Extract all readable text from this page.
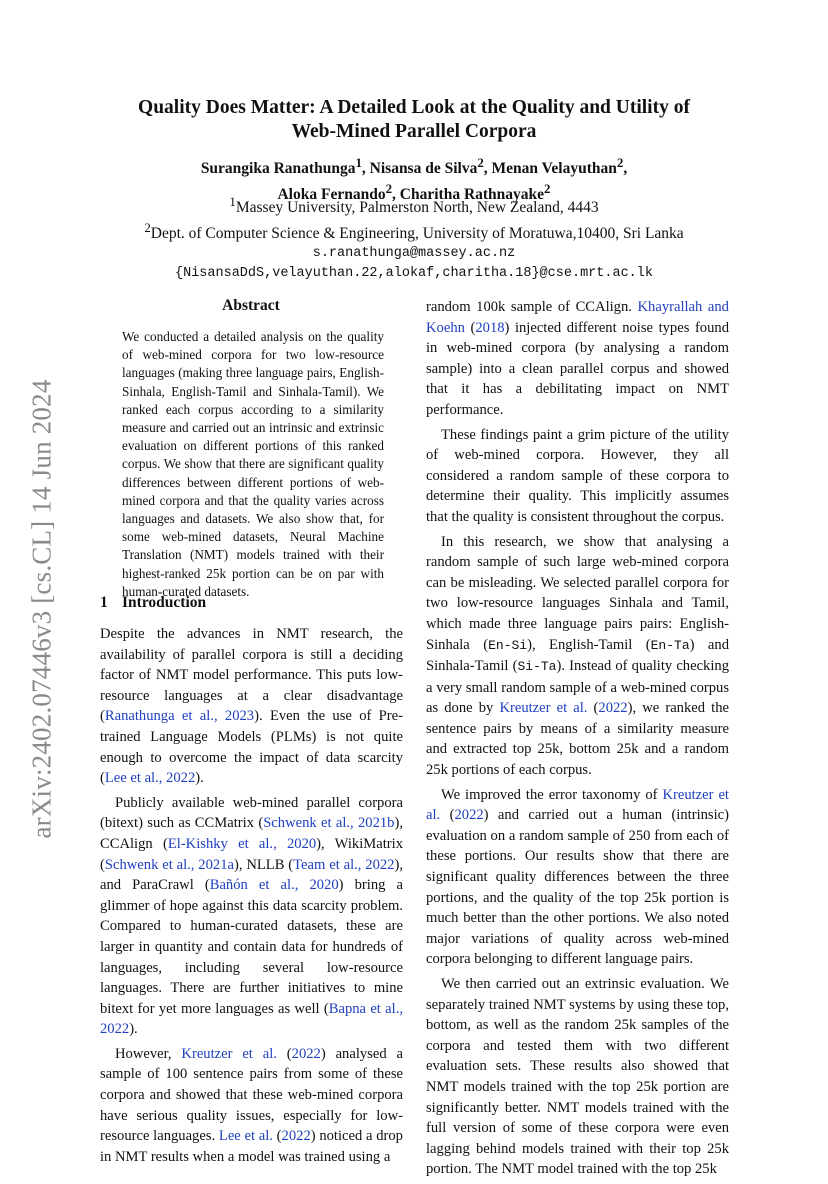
arXiv:2402.07446v3 [cs.CL] 14 Jun 2024
Quality Does Matter: A Detailed Look at the Quality and Utility of
Web-Mined Parallel Corpora
Surangika Ranathunga$^1$, Nisansa de Silva$^2$, Menan Velayuthan$^2$,
Aloka Fernando$^2$, Charitha Rathnayake$^2$
$^1$Massey University, Palmerston North, New Zealand, 4443
$^2$Dept. of Computer Science & Engineering, University of Moratuwa,10400, Sri Lanka
s.ranathunga@massey.ac.nz
{NisansaDdS,velayuthan.22,alokaf,charitha.18}@cse.mrt.ac.lk
Abstract

We conducted a detailed analysis on the quality of web-mined corpora for two low-resource languages (making three language pairs, English-Sinhala, English-Tamil and Sinhala-Tamil). We ranked each corpus according to a similarity measure and carried out an intrinsic and extrinsic evaluation on different portions of this ranked corpus. We show that there are significant quality differences between different portions of web-mined corpora and that the quality varies across languages and datasets. We also show that, for some web-mined datasets, Neural Machine Translation (NMT) models trained with their highest-ranked 25k portion can be on par with human-curated datasets.

1 Introduction

Despite the advances in NMT research, the availability of parallel corpora is still a deciding factor of NMT model performance. This puts low-resource languages at a clear disadvantage (Ranathunga et al., 2023). Even the use of Pre-trained Language Models (PLMs) is not quite enough to overcome the impact of data scarcity (Lee et al., 2022).

Publicly available web-mined parallel corpora (bitext) such as CCMatrix (Schwenk et al., 2021b), CCAlign (El-Kishky et al., 2020), WikiMatrix (Schwenk et al., 2021a), NLLB (Team et al., 2022), and ParaCrawl (Bañón et al., 2020) bring a glimmer of hope against this data scarcity problem. Compared to human-curated datasets, these are larger in quantity and contain data for hundreds of languages, including several low-resource languages. There are further initiatives to mine bitext for yet more languages as well (Bapna et al., 2022).

However, Kreutzer et al. (2022) analysed a sample of 100 sentence pairs from some of these corpora and showed that these web-mined corpora have serious quality issues, especially for low-resource languages. Lee et al. (2022) noticed a drop in NMT results when a model was trained using a

random 100k sample of CCAlign. Khayrallah and Koehn (2018) injected different noise types found in web-mined corpora (by analysing a random sample) into a clean parallel corpus and showed that it has a debilitating impact on NMT performance.

These findings paint a grim picture of the utility of web-mined corpora. However, they all considered a random sample of these corpora to determine their quality. This implicitly assumes that the quality is consistent throughout the corpus.

In this research, we show that analysing a random sample of such large web-mined corpora can be misleading. We selected parallel corpora for two low-resource languages Sinhala and Tamil, which made three language pairs pairs: English-Sinhala (En-Si), English-Tamil (En-Ta) and Sinhala-Tamil (Si-Ta). Instead of quality checking a very small random sample of a web-mined corpus as done by Kreutzer et al. (2022), we ranked the sentence pairs by means of a similarity measure and extracted top 25k, bottom 25k and a random 25k portions of each corpus.

We improved the error taxonomy of Kreutzer et al. (2022) and carried out a human (intrinsic) evaluation on a random sample of 250 from each of these portions. Our results show that there are significant quality differences between the three portions, and the quality of the top 25k portion is much better than the other portions. We also noted major variations of quality across web-mined corpora belonging to different language pairs.

We then carried out an extrinsic evaluation. We separately trained NMT systems by using these top, bottom, as well as the random 25k samples of the corpora and tested them with two different evaluation sets. These results also showed that NMT models trained with the top 25k portion are significantly better. NMT models trained with the full version of some of these corpora were even lagging behind models trained with their top 25k portion. The NMT model trained with the top 25k
